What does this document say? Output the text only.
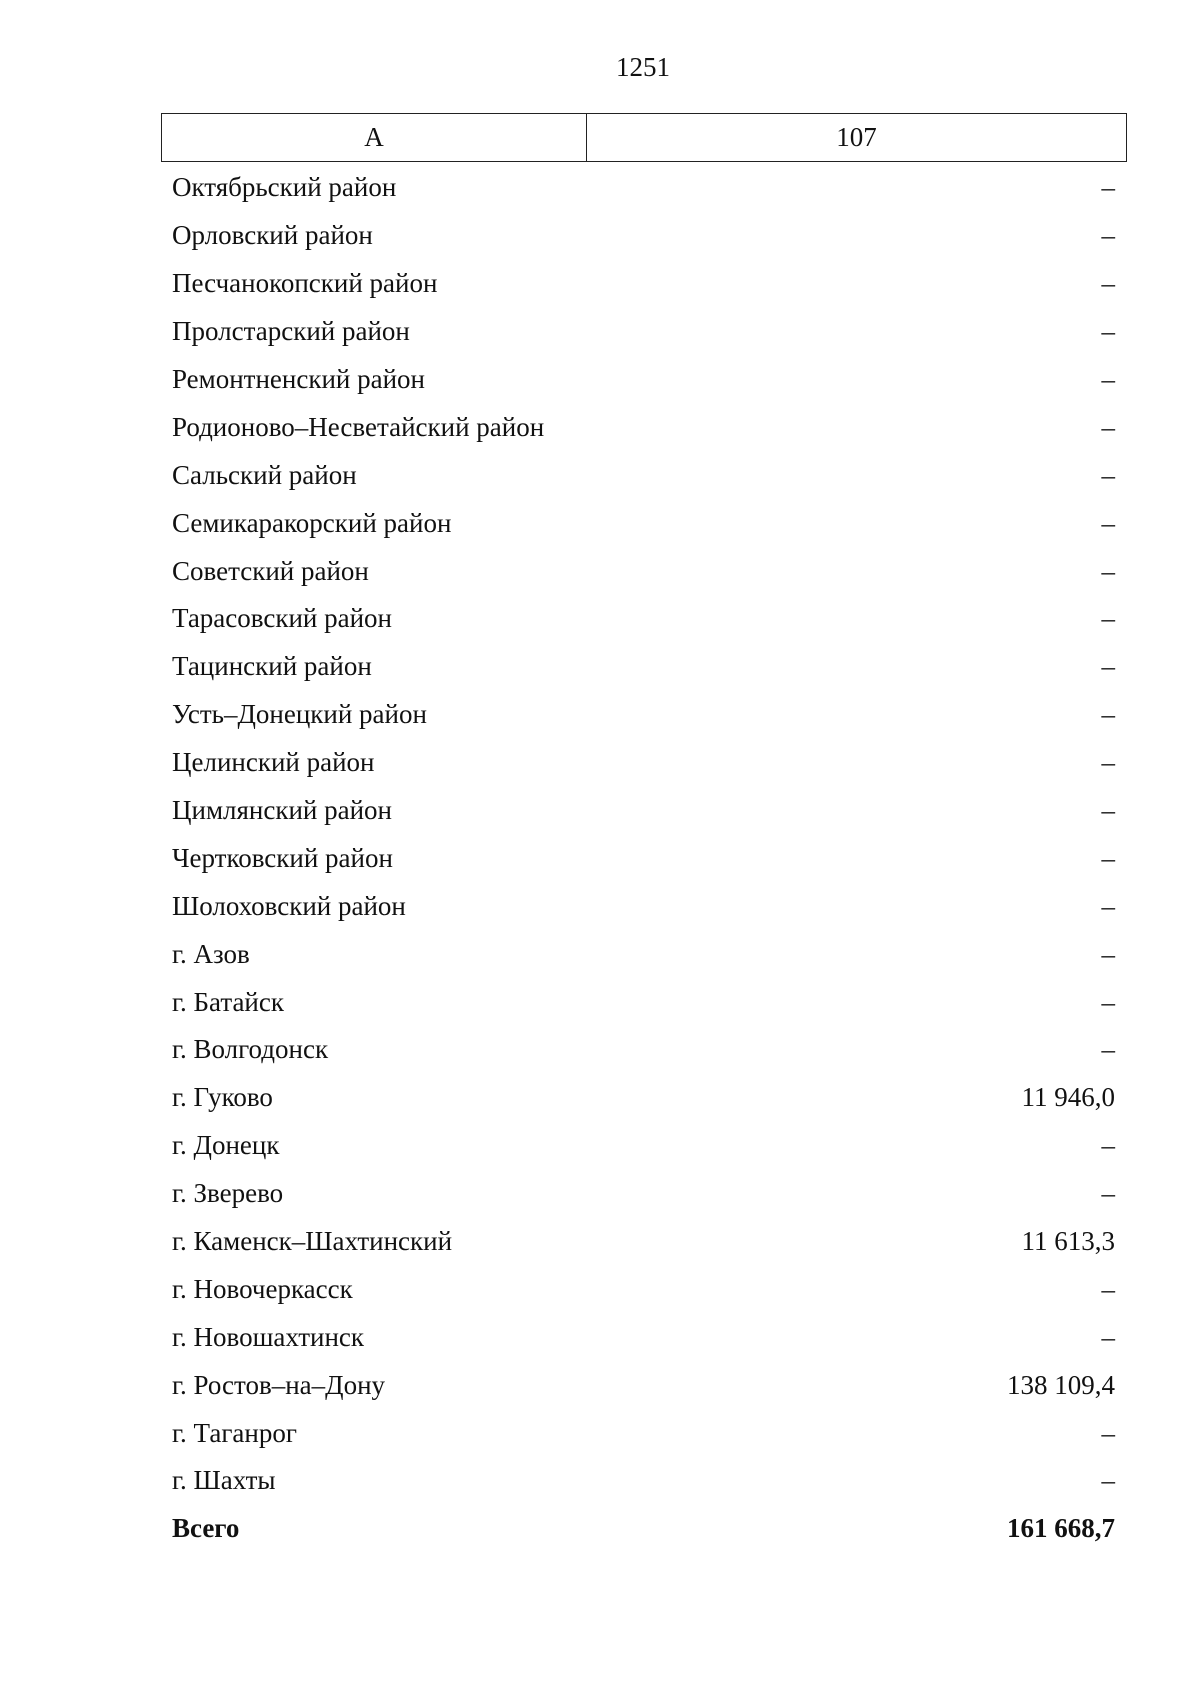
1251
А	107
Октябрьский район	–
Орловский район	–
Песчанокопский район	–
Пролстарский район	–
Ремонтненский район	–
Родионово–Несветайский район	–
Сальский район	–
Семикаракорский район	–
Советский район	–
Тарасовский район	–
Тацинский район	–
Усть–Донецкий район	–
Целинский район	–
Цимлянский район	–
Чертковский район	–
Шолоховский район	–
г. Азов	–
г. Батайск	–
г. Волгодонск	–
г. Гуково	11 946,0
г. Донецк	–
г. Зверево	–
г. Каменск–Шахтинский	11 613,3
г. Новочеркасск	–
г. Новошахтинск	–
г. Ростов–на–Дону	138 109,4
г. Таганрог	–
г. Шахты	–
Всего	161 668,7
